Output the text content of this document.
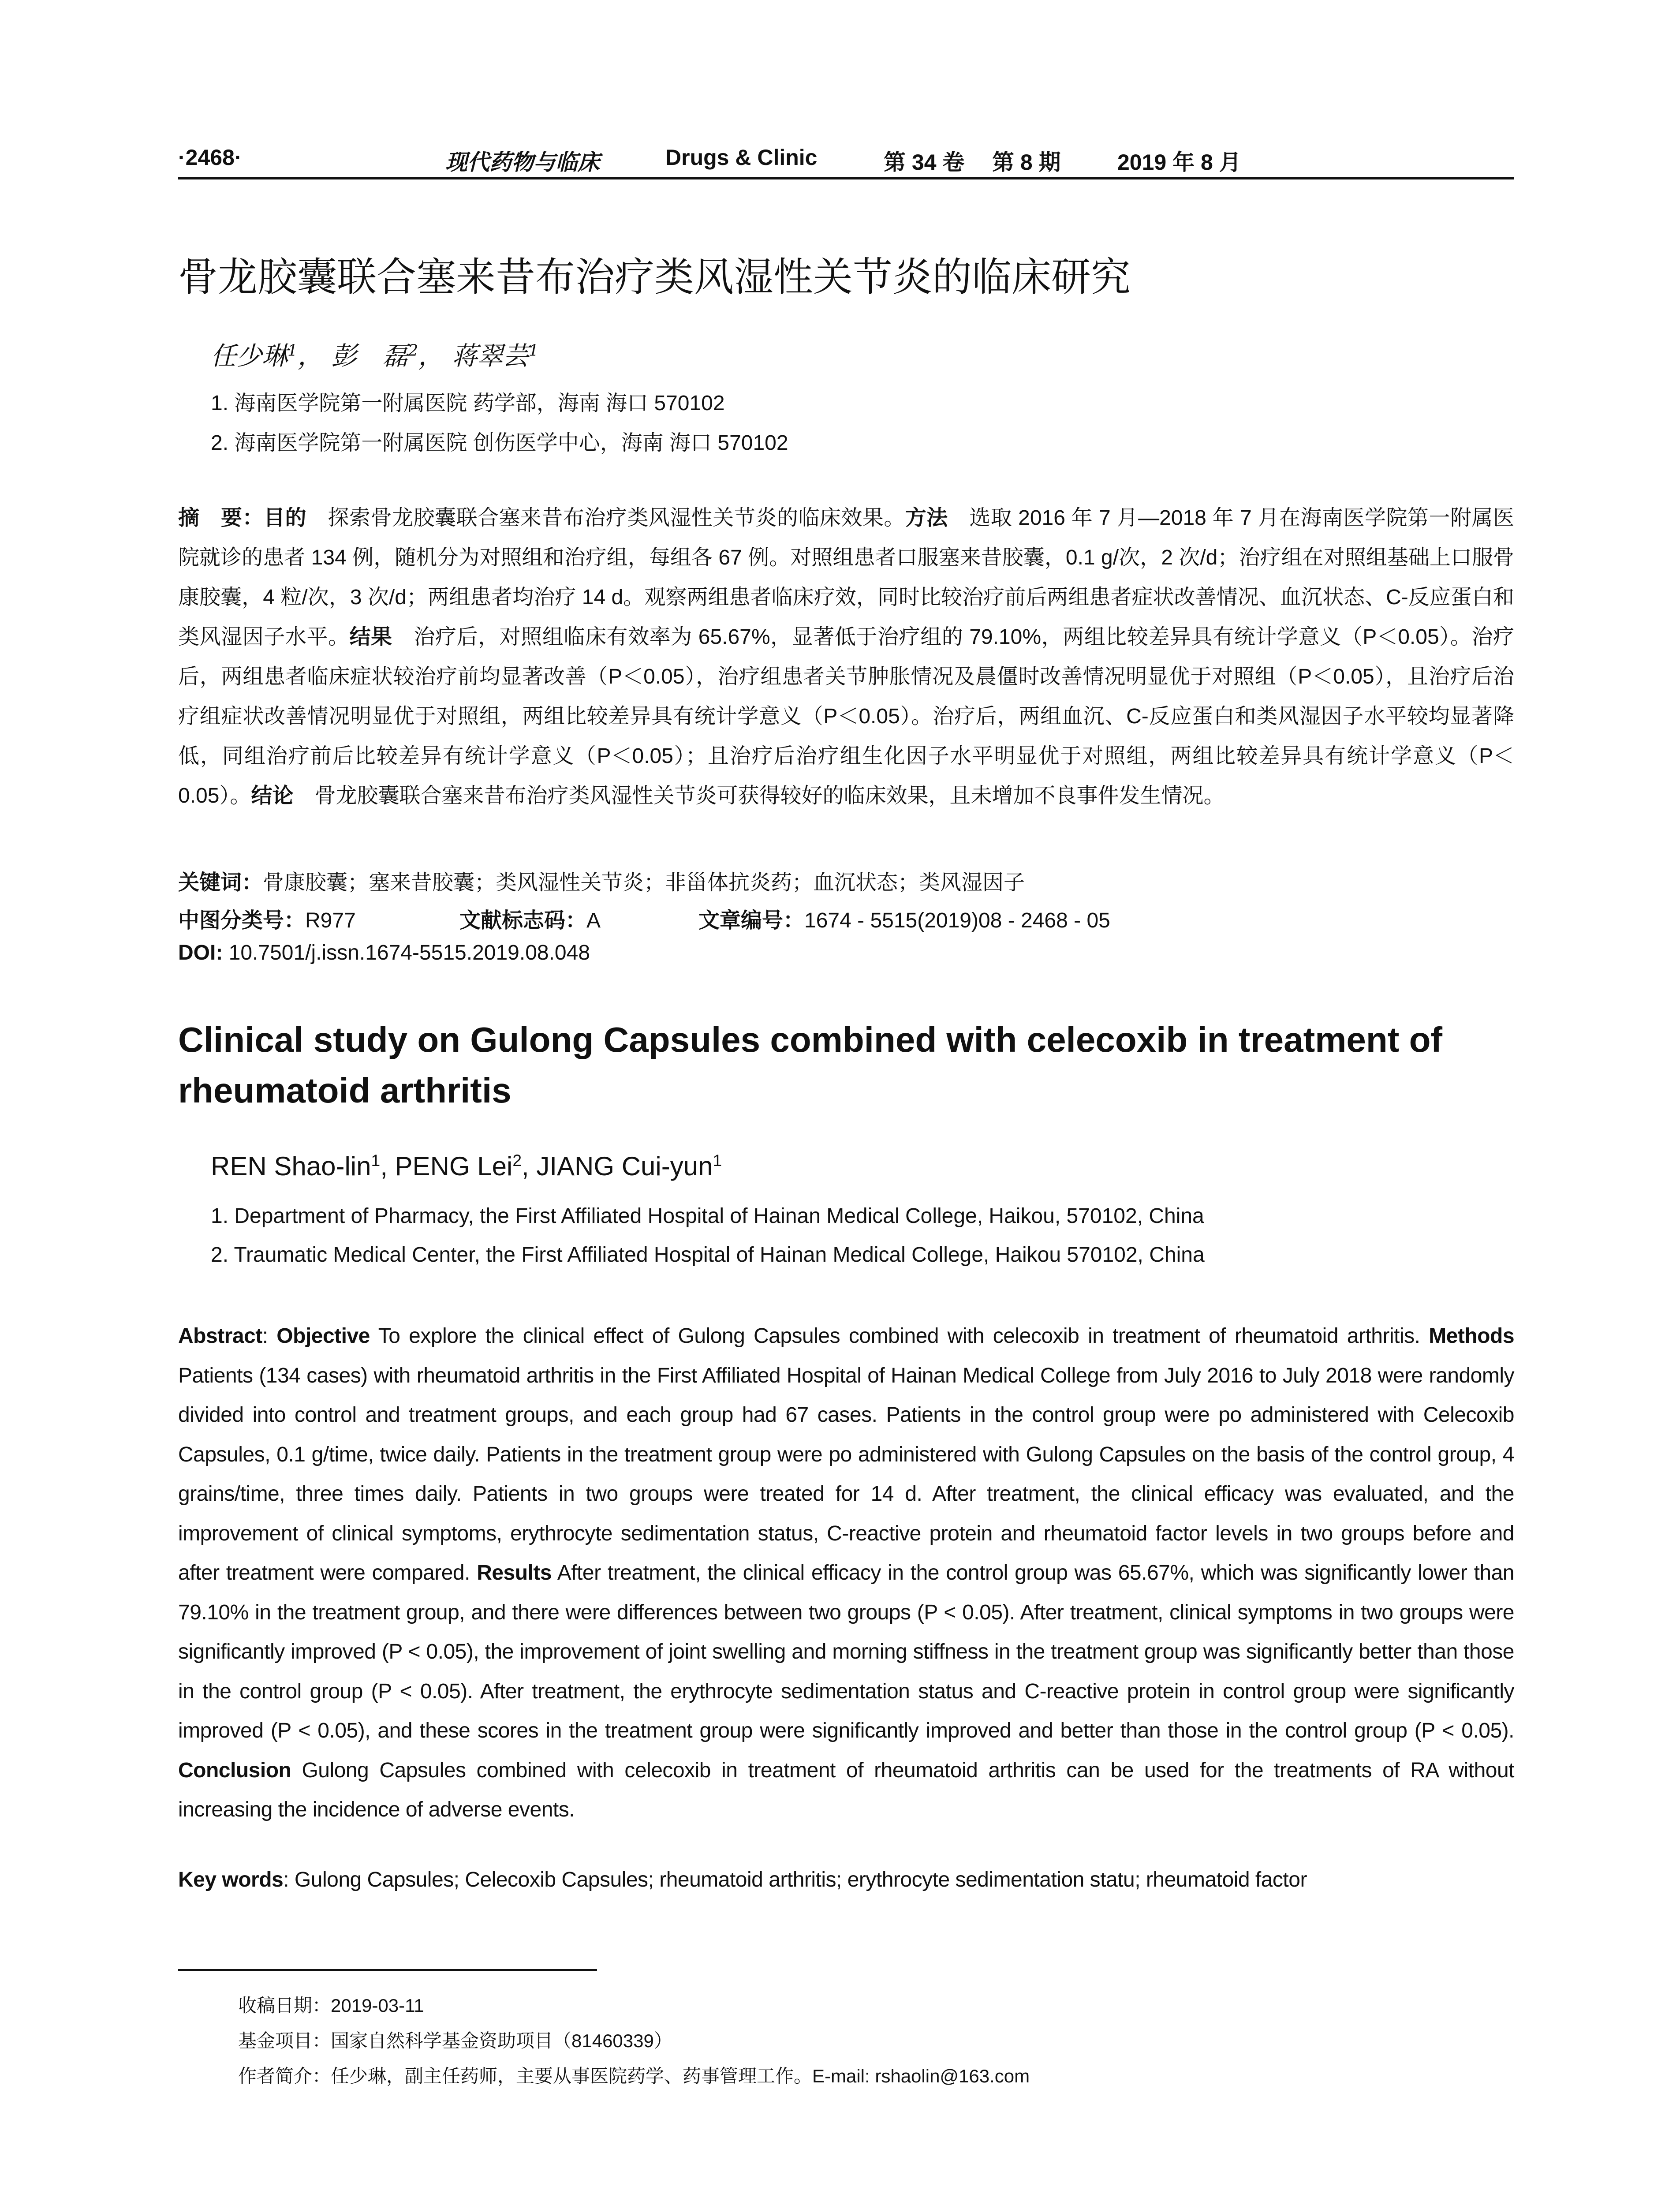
·2468·	现代药物与临床	Drugs & Clinic	第 34 卷 第 8 期	2019 年 8 月
骨龙胶囊联合塞来昔布治疗类风湿性关节炎的临床研究
任少琳$^1$， 彭　磊$^2$， 蒋翠芸$^1$
1. 海南医学院第一附属医院 药学部，海南 海口 570102
2. 海南医学院第一附属医院 创伤医学中心，海南 海口 570102
摘　要：目的　探索骨龙胶囊联合塞来昔布治疗类风湿性关节炎的临床效果。方法　选取 2016 年 7 月—2018 年 7 月在海南医学院第一附属医院就诊的患者 134 例，随机分为对照组和治疗组，每组各 67 例。对照组患者口服塞来昔胶囊，0.1 g/次，2 次/d；治疗组在对照组基础上口服骨康胶囊，4 粒/次，3 次/d；两组患者均治疗 14 d。观察两组患者临床疗效，同时比较治疗前后两组患者症状改善情况、血沉状态、C-反应蛋白和类风湿因子水平。结果　治疗后，对照组临床有效率为 65.67%，显著低于治疗组的 79.10%，两组比较差异具有统计学意义（P＜0.05）。治疗后，两组患者临床症状较治疗前均显著改善（P＜0.05），治疗组患者关节肿胀情况及晨僵时改善情况明显优于对照组（P＜0.05），且治疗后治疗组症状改善情况明显优于对照组，两组比较差异具有统计学意义（P＜0.05）。治疗后，两组血沉、C-反应蛋白和类风湿因子水平较均显著降低，同组治疗前后比较差异有统计学意义（P＜0.05）；且治疗后治疗组生化因子水平明显优于对照组，两组比较差异具有统计学意义（P＜0.05）。结论　骨龙胶囊联合塞来昔布治疗类风湿性关节炎可获得较好的临床效果，且未增加不良事件发生情况。
关键词：骨康胶囊；塞来昔胶囊；类风湿性关节炎；非甾体抗炎药；血沉状态；类风湿因子
中图分类号：R977	文献标志码：A	文章编号：1674 - 5515(2019)08 - 2468 - 05
DOI: 10.7501/j.issn.1674-5515.2019.08.048
Clinical study on Gulong Capsules combined with celecoxib in treatment of rheumatoid arthritis
REN Shao-lin$^1$, PENG Lei$^2$, JIANG Cui-yun$^1$
1. Department of Pharmacy, the First Affiliated Hospital of Hainan Medical College, Haikou, 570102, China
2. Traumatic Medical Center, the First Affiliated Hospital of Hainan Medical College, Haikou 570102, China
Abstract: Objective To explore the clinical effect of Gulong Capsules combined with celecoxib in treatment of rheumatoid arthritis. Methods Patients (134 cases) with rheumatoid arthritis in the First Affiliated Hospital of Hainan Medical College from July 2016 to July 2018 were randomly divided into control and treatment groups, and each group had 67 cases. Patients in the control group were po administered with Celecoxib Capsules, 0.1 g/time, twice daily. Patients in the treatment group were po administered with Gulong Capsules on the basis of the control group, 4 grains/time, three times daily. Patients in two groups were treated for 14 d. After treatment, the clinical efficacy was evaluated, and the improvement of clinical symptoms, erythrocyte sedimentation status, C-reactive protein and rheumatoid factor levels in two groups before and after treatment were compared. Results After treatment, the clinical efficacy in the control group was 65.67%, which was significantly lower than 79.10% in the treatment group, and there were differences between two groups (P < 0.05). After treatment, clinical symptoms in two groups were significantly improved (P < 0.05), the improvement of joint swelling and morning stiffness in the treatment group was significantly better than those in the control group (P < 0.05). After treatment, the erythrocyte sedimentation status and C-reactive protein in control group were significantly improved (P < 0.05), and these scores in the treatment group were significantly improved and better than those in the control group (P < 0.05). Conclusion Gulong Capsules combined with celecoxib in treatment of rheumatoid arthritis can be used for the treatments of RA without increasing the incidence of adverse events.
Key words: Gulong Capsules; Celecoxib Capsules; rheumatoid arthritis; erythrocyte sedimentation statu; rheumatoid factor
收稿日期：2019-03-11
基金项目：国家自然科学基金资助项目（81460339）
作者简介：任少琳，副主任药师，主要从事医院药学、药事管理工作。E-mail: rshaolin@163.com
